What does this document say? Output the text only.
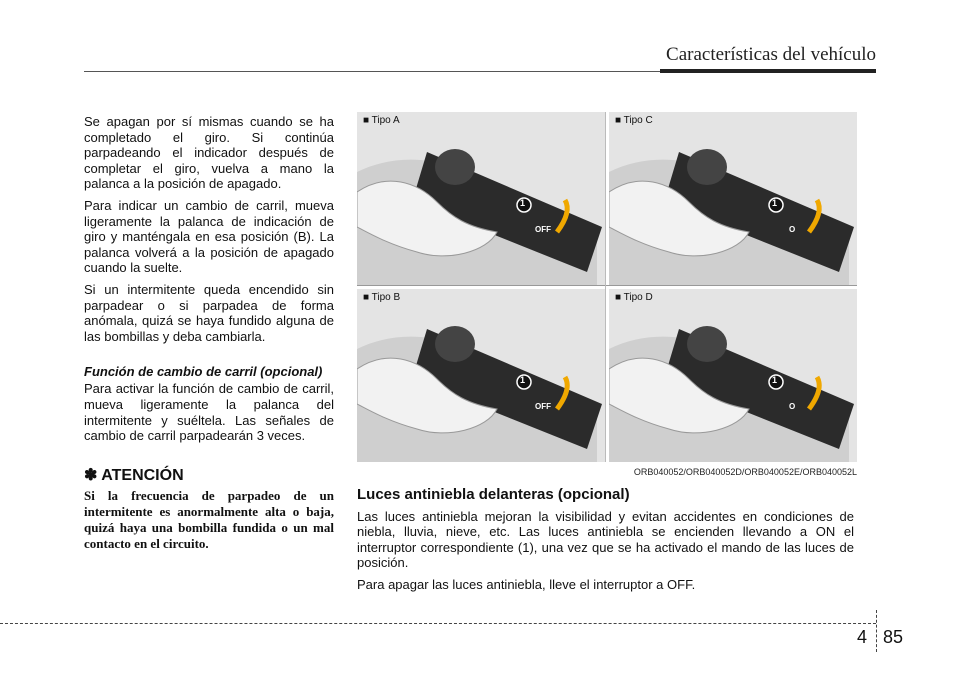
Características del vehículo

Se apagan por sí mismas cuando se ha completado el giro. Si continúa parpadeando el indicador después de completar el giro, vuelva a mano la palanca a la posición de apagado.

Para indicar un cambio de carril, mueva ligeramente la palanca de indicación de giro y manténgala en esa posición (B). La palanca volverá a la posición de apagado cuando la suelte.

Si un intermitente queda encendido sin parpadear o si parpadea de forma anómala, quizá se haya fundido alguna de las bombillas y deba cambiarla.

Función de cambio de carril (opcional)

Para activar la función de cambio de carril, mueva ligeramente la palanca del intermitente y suéltela. Las señales de cambio de carril parpadearán 3 veces.

✽ ATENCIÓN
Si la frecuencia de parpadeo de un intermitente es anormalmente alta o baja, quizá haya una bombilla fundida o un mal contacto en el circuito.
■ Tipo A
1
OFF
■ Tipo C
1
O
■ Tipo B
1
OFF
■ Tipo D
1
O
ORB040052/ORB040052D/ORB040052E/ORB040052L
Luces antiniebla delanteras (opcional)

Las luces antiniebla mejoran la visibilidad y evitan accidentes en condiciones de niebla, lluvia, nieve, etc. Las luces antiniebla se encienden llevando a ON el interruptor correspondiente (1), una vez que se ha activado el mando de las luces de posición.

Para apagar las luces antiniebla, lleve el interruptor a OFF.

4 85
